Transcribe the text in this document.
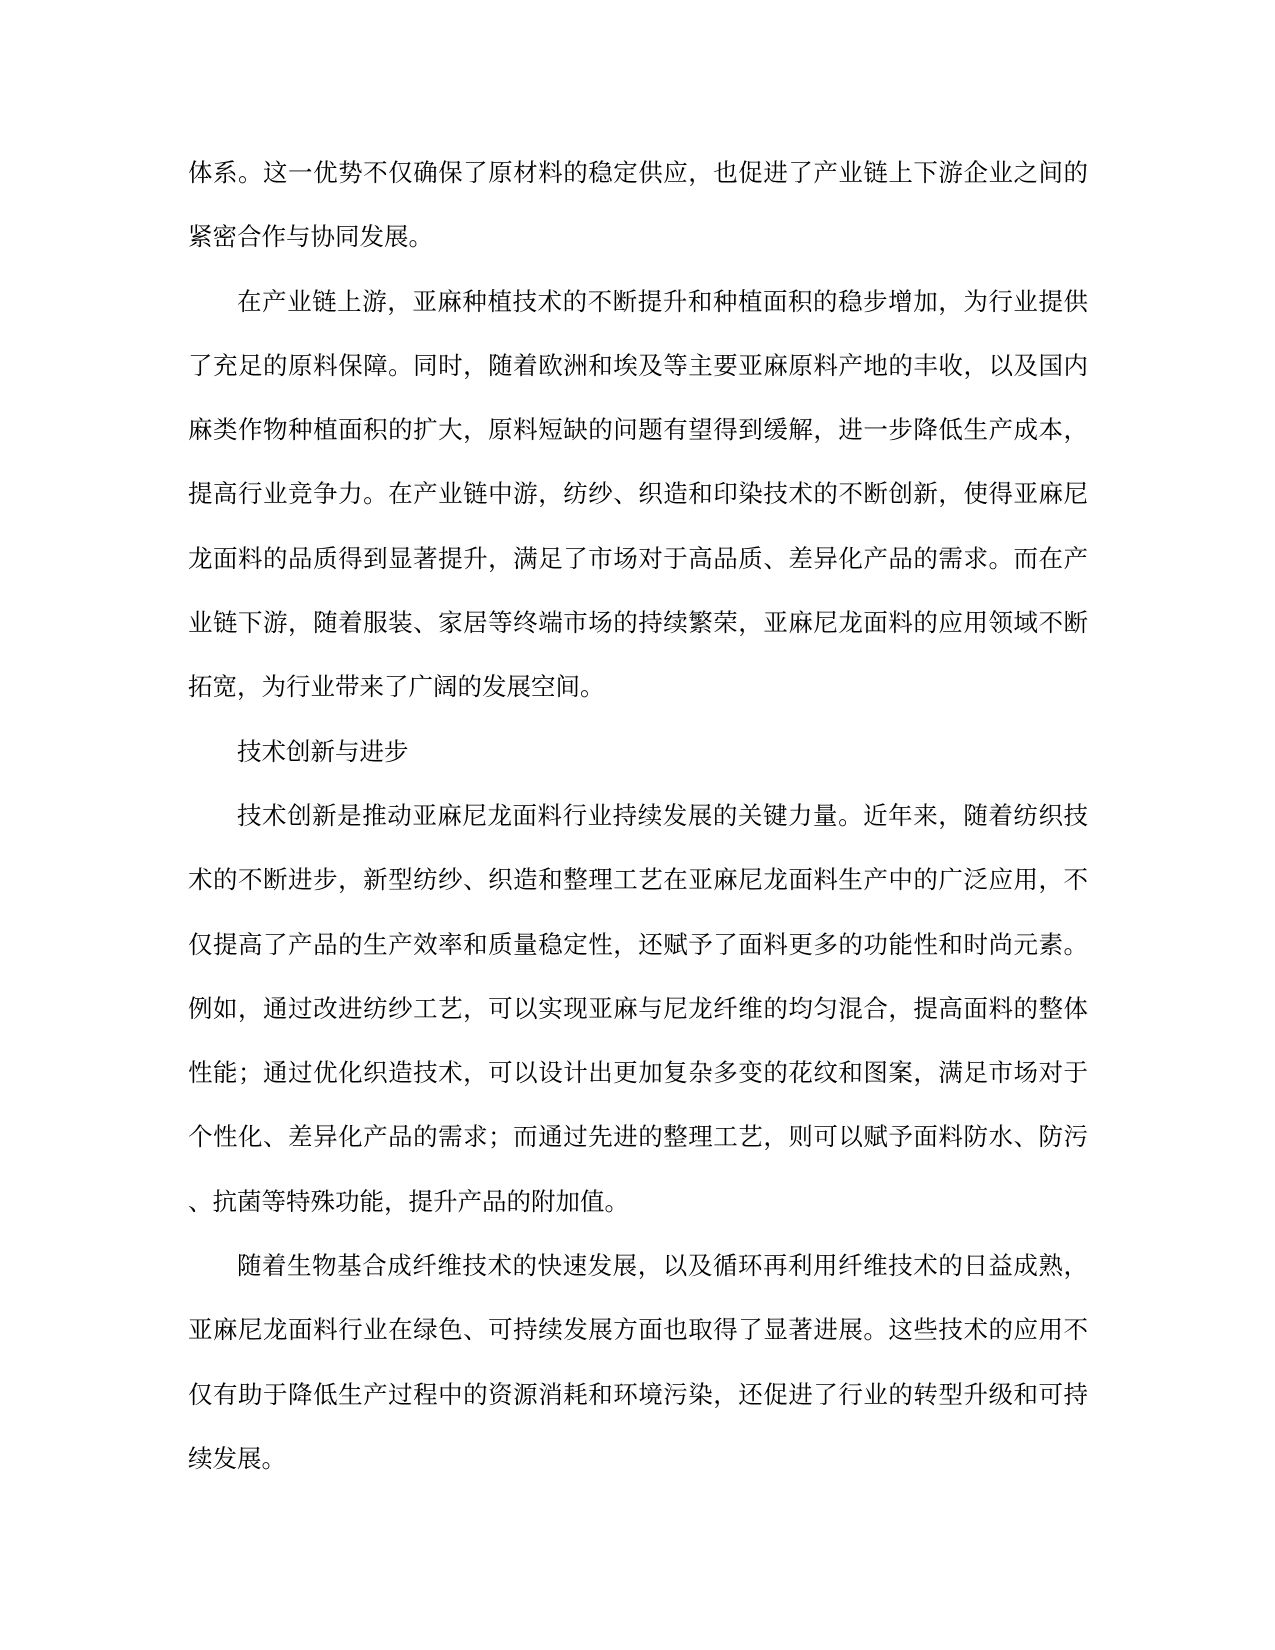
体系。这一优势不仅确保了原材料的稳定供应，也促进了产业链上下游企业之间的
紧密合作与协同发展。
在产业链上游，亚麻种植技术的不断提升和种植面积的稳步增加，为行业提供
了充足的原料保障。同时，随着欧洲和埃及等主要亚麻原料产地的丰收，以及国内
麻类作物种植面积的扩大，原料短缺的问题有望得到缓解，进一步降低生产成本，
提高行业竞争力。在产业链中游，纺纱、织造和印染技术的不断创新，使得亚麻尼
龙面料的品质得到显著提升，满足了市场对于高品质、差异化产品的需求。而在产
业链下游，随着服装、家居等终端市场的持续繁荣，亚麻尼龙面料的应用领域不断
拓宽，为行业带来了广阔的发展空间。
技术创新与进步
技术创新是推动亚麻尼龙面料行业持续发展的关键力量。近年来，随着纺织技
术的不断进步，新型纺纱、织造和整理工艺在亚麻尼龙面料生产中的广泛应用，不
仅提高了产品的生产效率和质量稳定性，还赋予了面料更多的功能性和时尚元素。
例如，通过改进纺纱工艺，可以实现亚麻与尼龙纤维的均匀混合，提高面料的整体
性能；通过优化织造技术，可以设计出更加复杂多变的花纹和图案，满足市场对于
个性化、差异化产品的需求；而通过先进的整理工艺，则可以赋予面料防水、防污
、抗菌等特殊功能，提升产品的附加值。
随着生物基合成纤维技术的快速发展，以及循环再利用纤维技术的日益成熟，
亚麻尼龙面料行业在绿色、可持续发展方面也取得了显著进展。这些技术的应用不
仅有助于降低生产过程中的资源消耗和环境污染，还促进了行业的转型升级和可持
续发展。
